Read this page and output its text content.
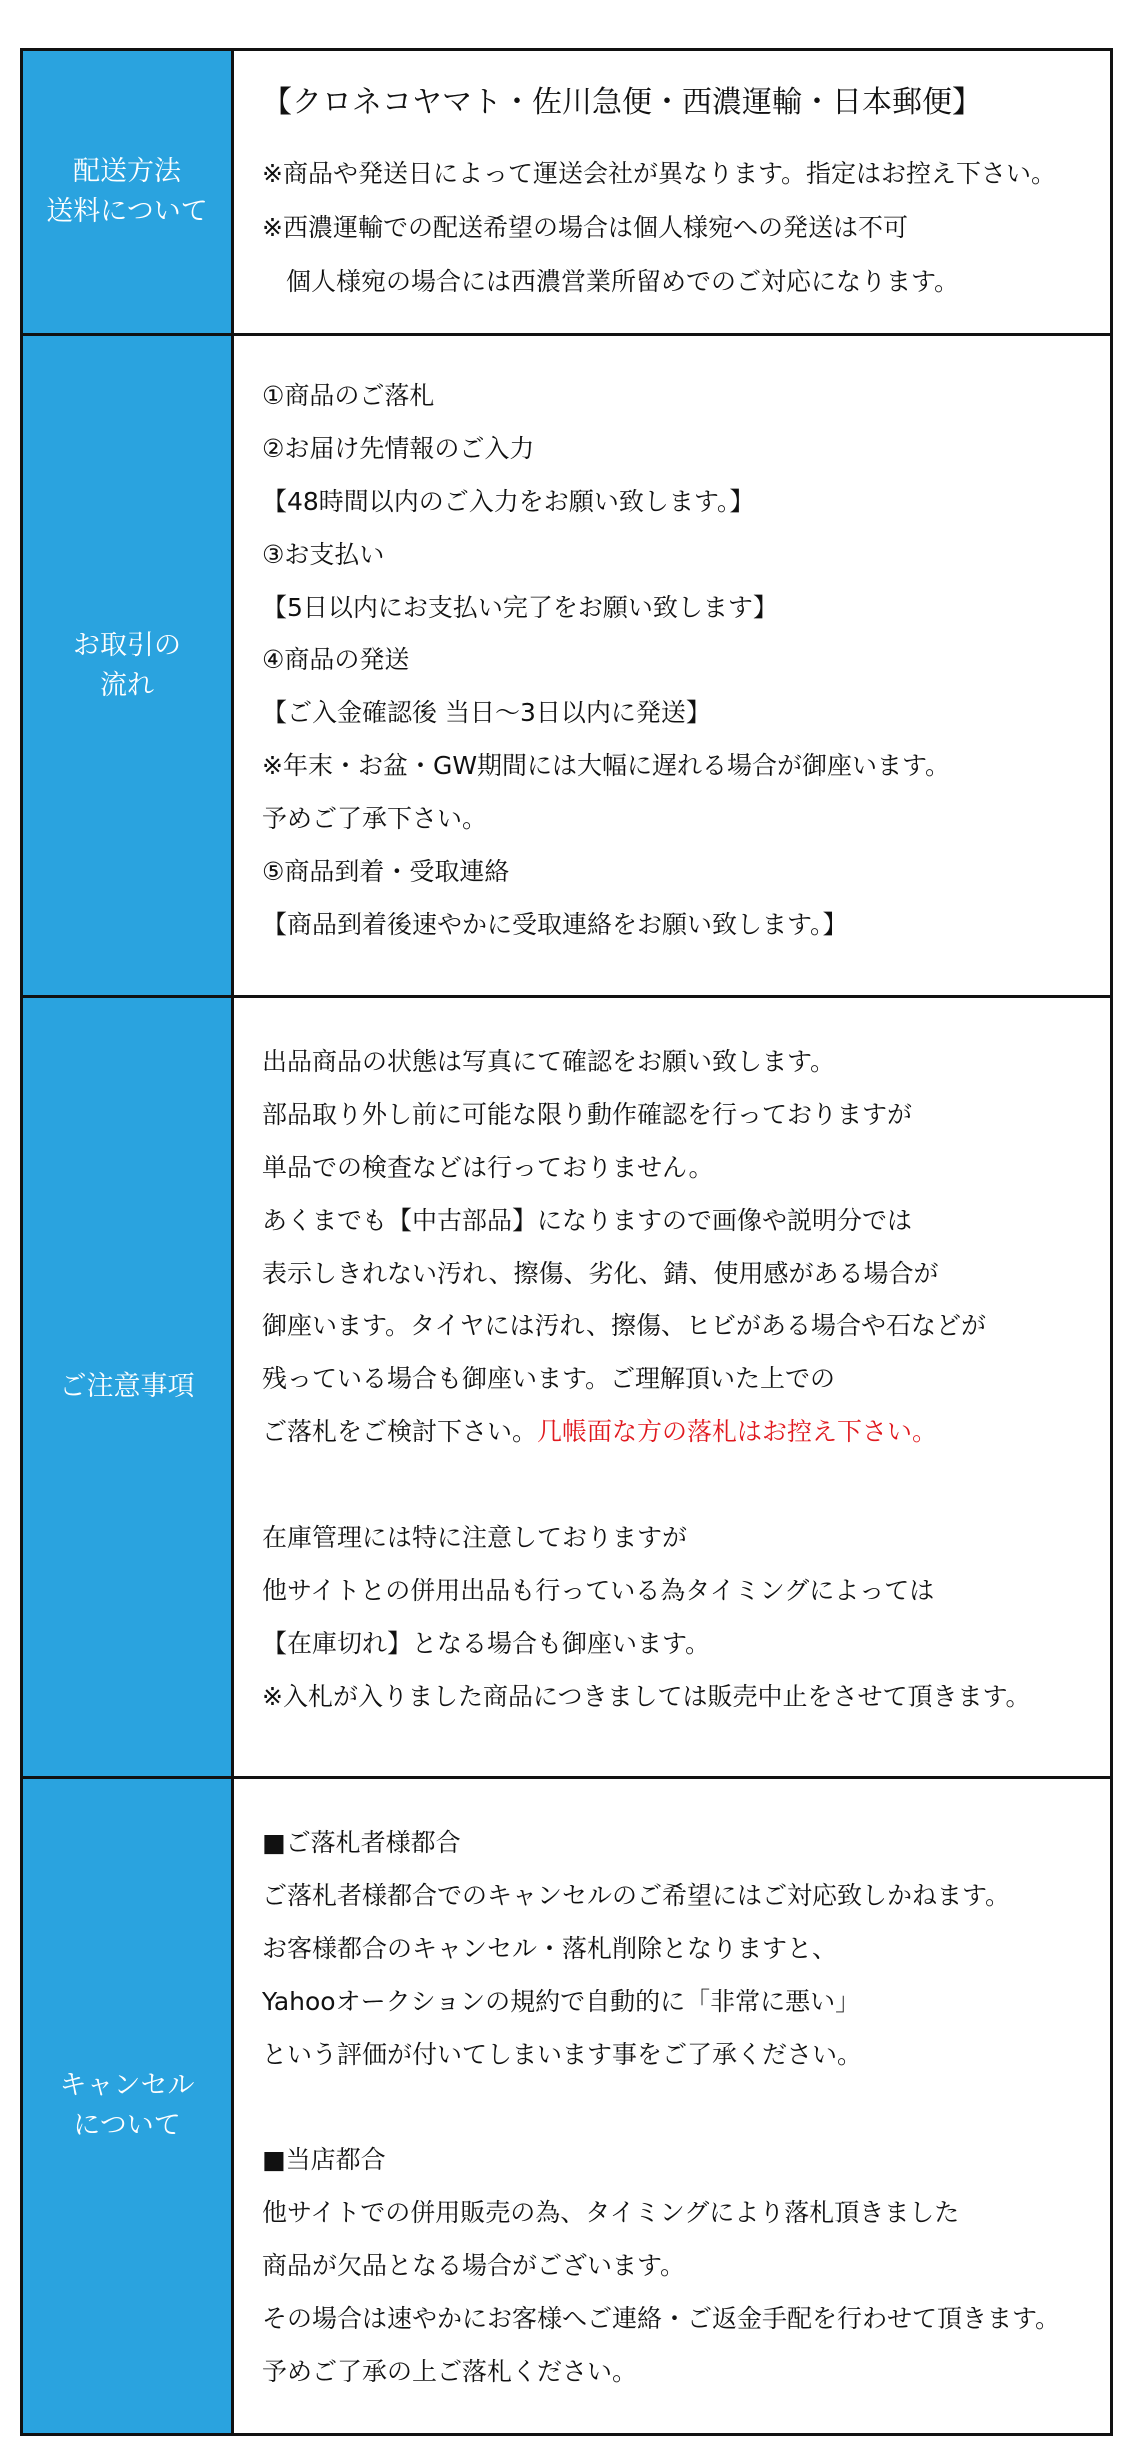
配送方法
送料について
【クロネコヤマト・佐川急便・西濃運輸・日本郵便】
※商品や発送日によって運送会社が異なります。指定はお控え下さい。
※西濃運輸での配送希望の場合は個人様宛への発送は不可
個人様宛の場合には西濃営業所留めでのご対応になります。
お取引の
流れ
①商品のご落札
②お届け先情報のご入力
【48時間以内のご入力をお願い致します。】
③お支払い
【5日以内にお支払い完了をお願い致します】
④商品の発送
【ご入金確認後 当日〜3日以内に発送】
※年末・お盆・GW期間には大幅に遅れる場合が御座います。
予めご了承下さい。
⑤商品到着・受取連絡
【商品到着後速やかに受取連絡をお願い致します。】
ご注意事項
出品商品の状態は写真にて確認をお願い致します。
部品取り外し前に可能な限り動作確認を行っておりますが
単品での検査などは行っておりません。
あくまでも【中古部品】になりますので画像や説明分では
表示しきれない汚れ、擦傷、劣化、錆、使用感がある場合が
御座います。タイヤには汚れ、擦傷、ヒビがある場合や石などが
残っている場合も御座います。ご理解頂いた上での
ご落札をご検討下さい。几帳面な方の落札はお控え下さい。
在庫管理には特に注意しておりますが
他サイトとの併用出品も行っている為タイミングによっては
【在庫切れ】となる場合も御座います。
※入札が入りました商品につきましては販売中止をさせて頂きます。
キャンセル
について
■ご落札者様都合
ご落札者様都合でのキャンセルのご希望にはご対応致しかねます。
お客様都合のキャンセル・落札削除となりますと、
Yahooオークションの規約で自動的に「非常に悪い」
という評価が付いてしまいます事をご了承ください。
■当店都合
他サイトでの併用販売の為、タイミングにより落札頂きました
商品が欠品となる場合がございます。
その場合は速やかにお客様へご連絡・ご返金手配を行わせて頂きます。
予めご了承の上ご落札ください。
